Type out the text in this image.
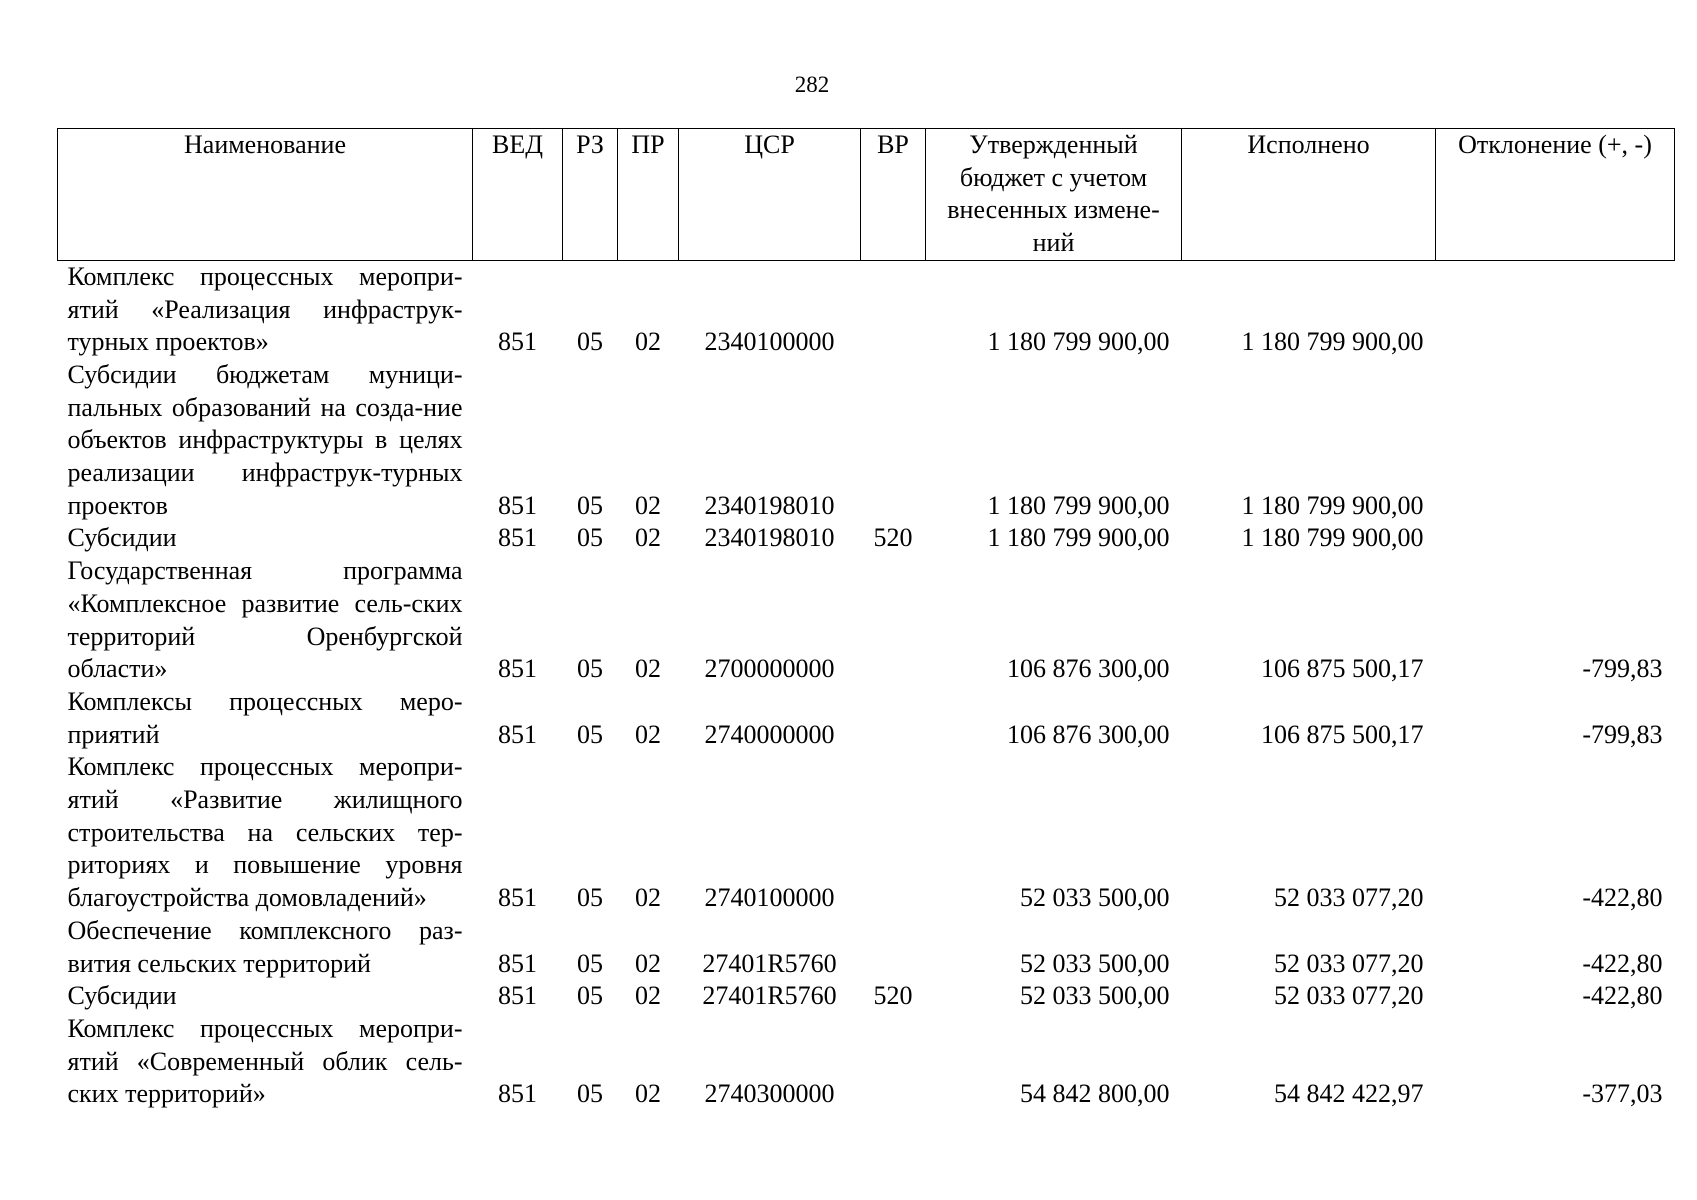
282
Наименование	ВЕД	РЗ	ПР	ЦСР	ВР	Утвержденный бюджет с учетом внесенных измене-ний	Исполнено	Отклонение (+, -)
Комплекс процессных меропри-ятий «Реализация инфраструк-турных проектов»	851	05	02	2340100000		1 180 799 900,00	1 180 799 900,00	
Субсидии бюджетам муници-пальных образований на созда-ние объектов инфраструктуры в целях реализации инфраструк-турных проектов	851	05	02	2340198010		1 180 799 900,00	1 180 799 900,00	
Субсидии	851	05	02	2340198010	520	1 180 799 900,00	1 180 799 900,00	
Государственная программа «Комплексное развитие сель-ских территорий Оренбургской области»	851	05	02	2700000000		106 876 300,00	106 875 500,17	-799,83
Комплексы процессных меро-приятий	851	05	02	2740000000		106 876 300,00	106 875 500,17	-799,83
Комплекс процессных меропри-ятий «Развитие жилищного строительства на сельских тер-риториях и повышение уровня благоустройства домовладений»	851	05	02	2740100000		52 033 500,00	52 033 077,20	-422,80
Обеспечение комплексного раз-вития сельских территорий	851	05	02	27401R5760		52 033 500,00	52 033 077,20	-422,80
Субсидии	851	05	02	27401R5760	520	52 033 500,00	52 033 077,20	-422,80
Комплекс процессных меропри-ятий «Современный облик сель-ских территорий»	851	05	02	2740300000		54 842 800,00	54 842 422,97	-377,03
